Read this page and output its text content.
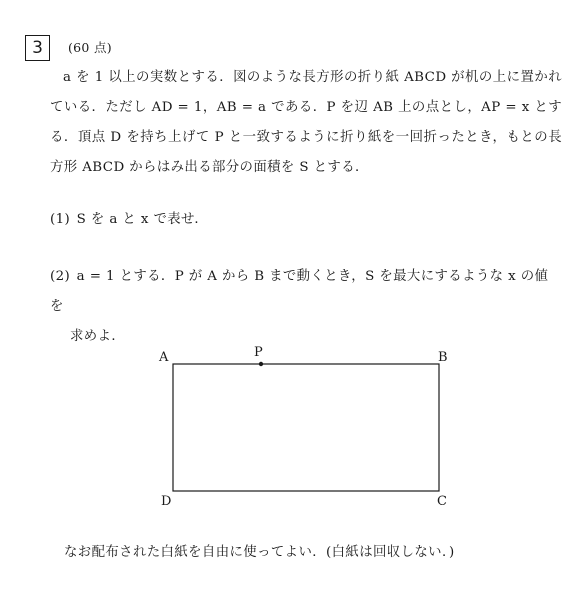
3 (60 点)
a を 1 以上の実数とする．図のような長方形の折り紙 ABCD が机の上に置かれている．ただし AD = 1，AB = a である．P を辺 AB 上の点とし，AP = x とする．頂点 D を持ち上げて P と一致するように折り紙を一回折ったとき，もとの長方形 ABCD からはみ出る部分の面積を S とする．
(1) S を a と x で表せ．
(2) a = 1 とする．P が A から B まで動くとき，S を最大にするような x の値を
求めよ．
A	P	B
D	C
なお配布された白紙を自由に使ってよい．(白紙は回収しない．)
